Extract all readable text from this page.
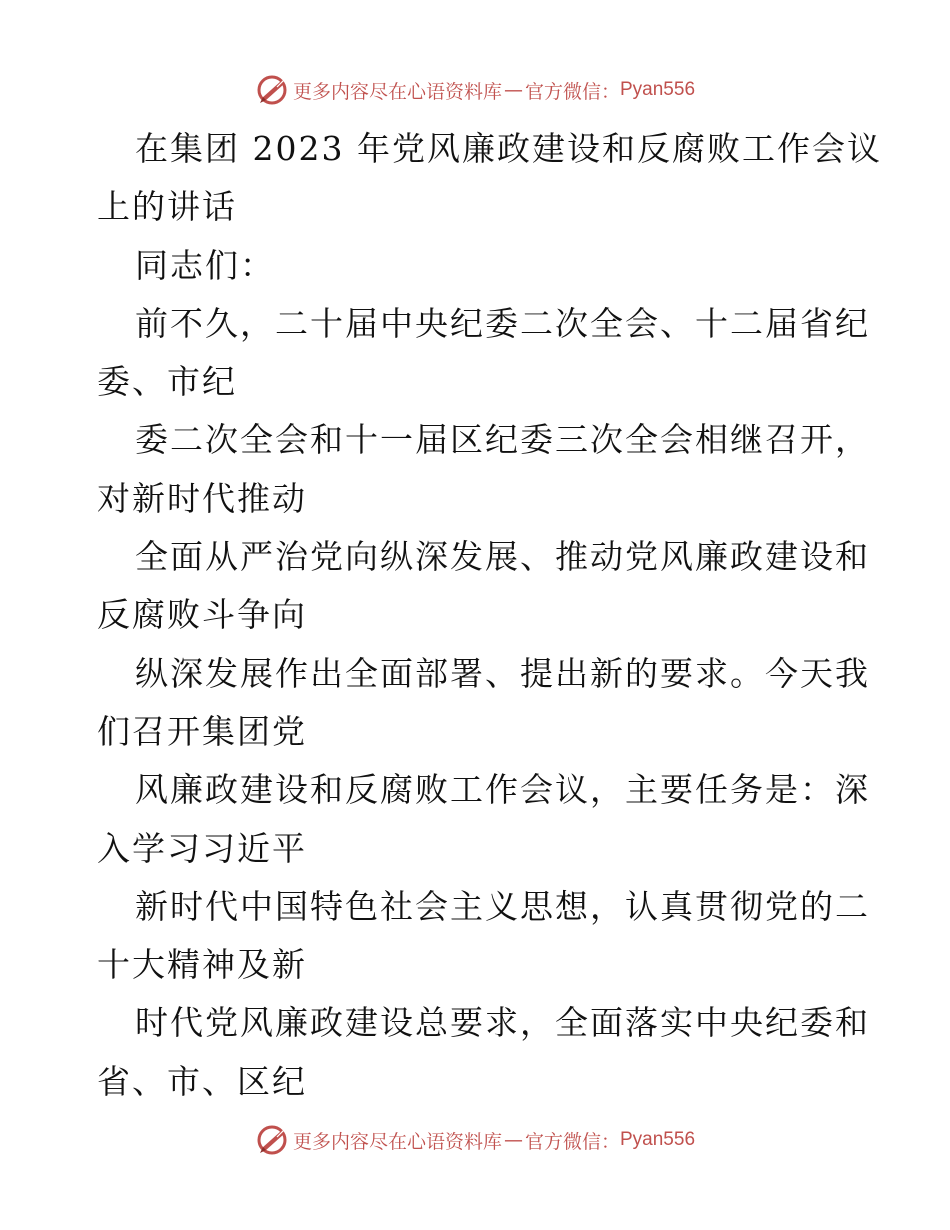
更多内容尽在心语资料库 — 官方微信： Pyan556
在集团 2023 年党风廉政建设和反腐败工作会议
上的讲话
同志们：
前不久，二十届中央纪委二次全会、十二届省纪
委、市纪
委二次全会和十一届区纪委三次全会相继召开，
对新时代推动
全面从严治党向纵深发展、推动党风廉政建设和
反腐败斗争向
纵深发展作出全面部署、提出新的要求。今天我
们召开集团党
风廉政建设和反腐败工作会议，主要任务是：深
入学习习近平
新时代中国特色社会主义思想，认真贯彻党的二
十大精神及新
时代党风廉政建设总要求，全面落实中央纪委和
省、市、区纪
更多内容尽在心语资料库 — 官方微信： Pyan556
